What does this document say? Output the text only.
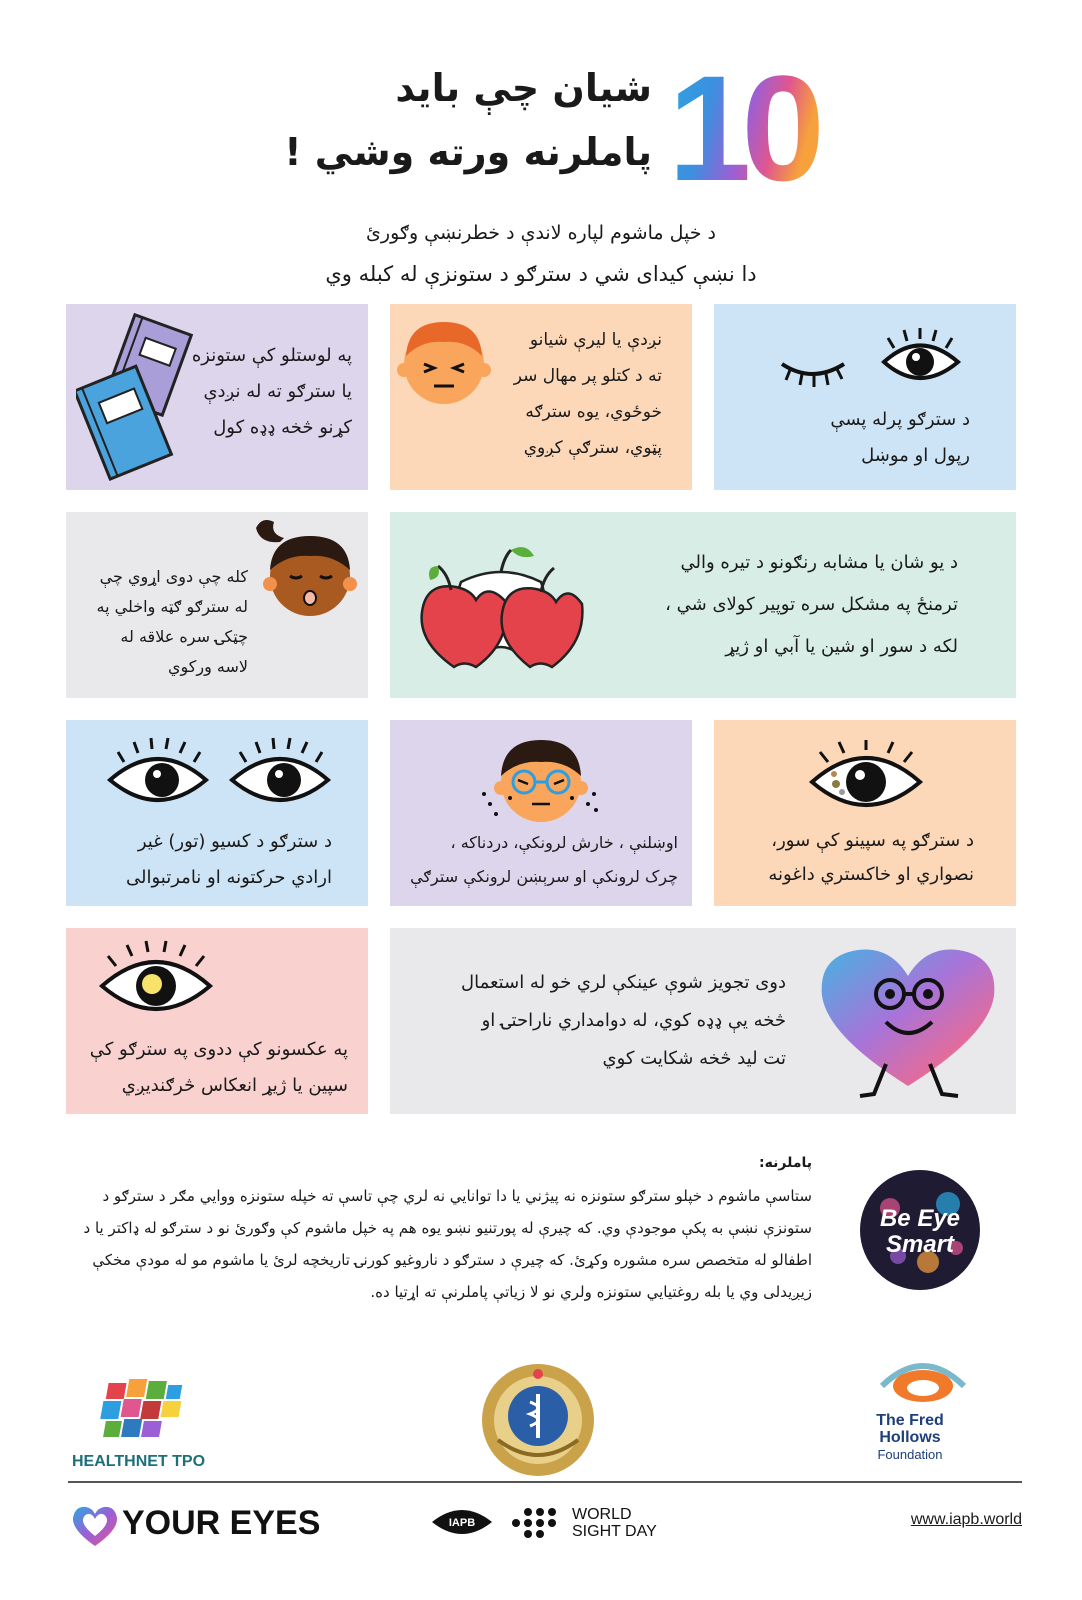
10
شیان چې باید
پاملرنه ورته وشي !
د خپل ماشوم لپاره لاندې د خطرنښې وګورئ
دا نښې کیدای شي د سترګو د ستونزې له کبله وي
د سترګو پرله پسې
رپول او موښل
نږدې یا لیرې شیانو
ته د کتلو پر مهال سر
خوځوي، یوه سترګه
پټوي، سترګې کږوي
په لوستلو کې ستونزه
یا سترګو ته له نږدې
کړنو څخه ډډه کول
د یو شان یا مشابه رنګونو د تیره والي
ترمنځ په مشکل سره توپیر کولای شي ،
لکه د سور او شین یا آبي او ژیړ
کله چې دوی اړوي چې
له سترګو ګټه واخلي په
چټکۍ سره علاقه له
لاسه ورکوي
د سترګو په سپینو کې سور،
نصواري او خاکستري داغونه
اوښلنې ، خارش لرونکې، دردناکه ،
چرک لرونکې او سرېښن لرونکې سترګې
د سترګو د کسیو (تور) غیر
ارادي حرکتونه او نامرتبوالی
دوی تجویز شوې عینکې لري خو له استعمال
څخه یې ډډه کوي، له دوامداري ناراحتۍ او
تت لید څخه شکایت کوي
په عکسونو کې ددوی په سترګو کې
سپین یا ژیړ انعکاس څرګندیږي
پاملرنه:
ستاسې ماشوم د خپلو سترګو ستونزه نه پیژني یا دا توانایي نه لري چې تاسې ته خپله ستونزه ووايي مګر د سترګو د ستونزې نښې به پکې موجودې وي. که چیرې له پورتنیو نښو یوه هم په خپل ماشوم کې وګورئ نو د سترګو له ډاکتر یا د اطفالو له متخصص سره مشوره وکړئ. که چیرې د سترګو د ناروغیو کورنۍ تاریخچه لرئ یا ماشوم مو له مودې مخکې زیږیدلی وي یا بله روغتیایي ستونزه ولري نو لا زیاتې پاملرنې ته اړتیا ده.
Be Eye
Smart
HEALTHNET TPO
The Fred
Hollows
Foundation
YOUR EYES	IAPB	WORLD
SIGHT DAY
www.iapb.world
